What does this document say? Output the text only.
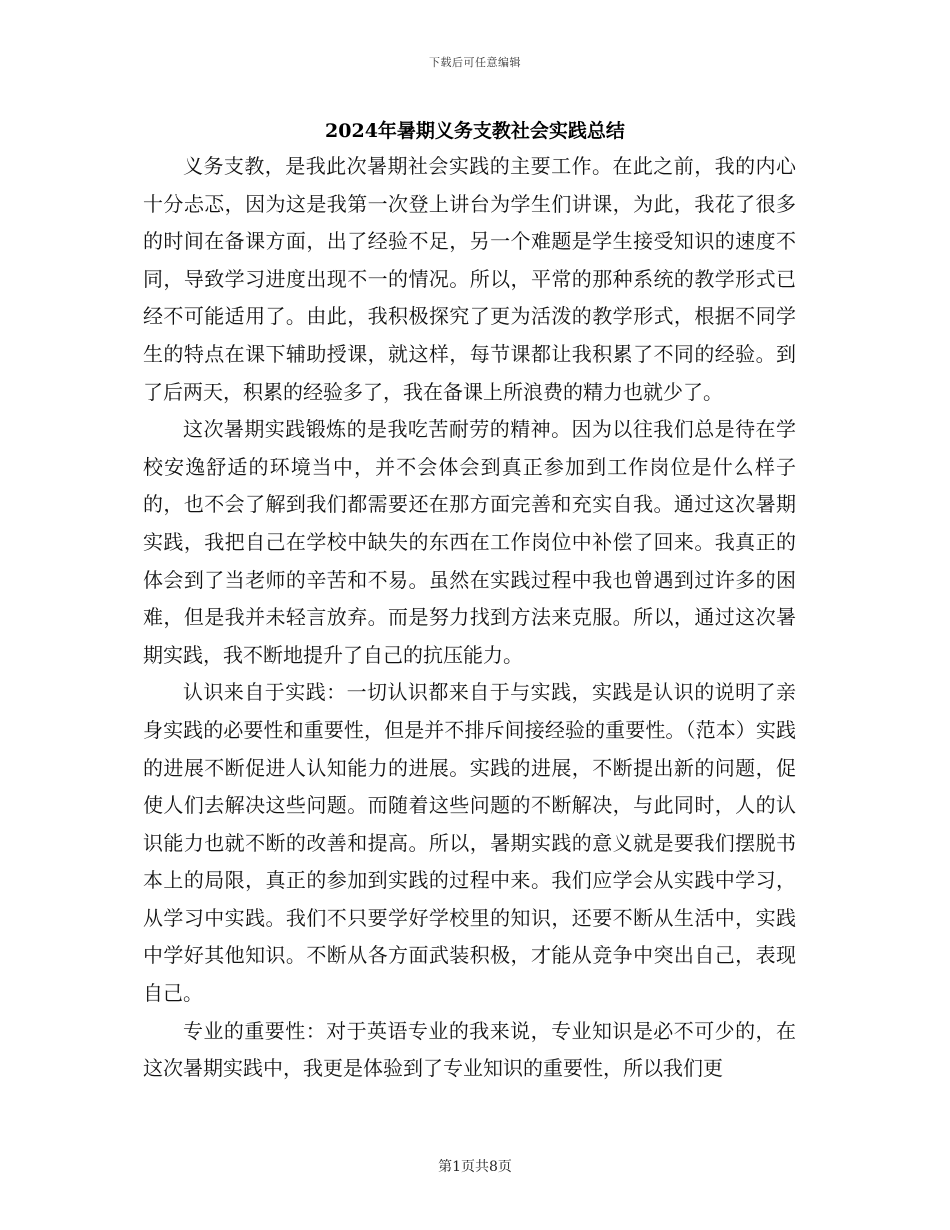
下载后可任意编辑
2024年暑期义务支教社会实践总结

义务支教，是我此次暑期社会实践的主要工作。在此之前，我的内心十分忐忑，因为这是我第一次登上讲台为学生们讲课，为此，我花了很多的时间在备课方面，出了经验不足，另一个难题是学生接受知识的速度不同，导致学习进度出现不一的情况。所以，平常的那种系统的教学形式已经不可能适用了。由此，我积极探究了更为活泼的教学形式，根据不同学生的特点在课下辅助授课，就这样，每节课都让我积累了不同的经验。到了后两天，积累的经验多了，我在备课上所浪费的精力也就少了。

这次暑期实践锻炼的是我吃苦耐劳的精神。因为以往我们总是待在学校安逸舒适的环境当中，并不会体会到真正参加到工作岗位是什么样子的，也不会了解到我们都需要还在那方面完善和充实自我。通过这次暑期实践，我把自己在学校中缺失的东西在工作岗位中补偿了回来。我真正的体会到了当老师的辛苦和不易。虽然在实践过程中我也曾遇到过许多的困难，但是我并未轻言放弃。而是努力找到方法来克服。所以，通过这次暑期实践，我不断地提升了自己的抗压能力。

认识来自于实践：一切认识都来自于与实践，实践是认识的说明了亲身实践的必要性和重要性，但是并不排斥间接经验的重要性。（范本）实践的进展不断促进人认知能力的进展。实践的进展，不断提出新的问题，促使人们去解决这些问题。而随着这些问题的不断解决，与此同时，人的认识能力也就不断的改善和提高。所以，暑期实践的意义就是要我们摆脱书本上的局限，真正的参加到实践的过程中来。我们应学会从实践中学习，从学习中实践。我们不只要学好学校里的知识，还要不断从生活中，实践中学好其他知识。不断从各方面武装积极，才能从竞争中突出自己，表现自己。

专业的重要性：对于英语专业的我来说，专业知识是必不可少的，在这次暑期实践中，我更是体验到了专业知识的重要性，所以我们更

第1页共8页
